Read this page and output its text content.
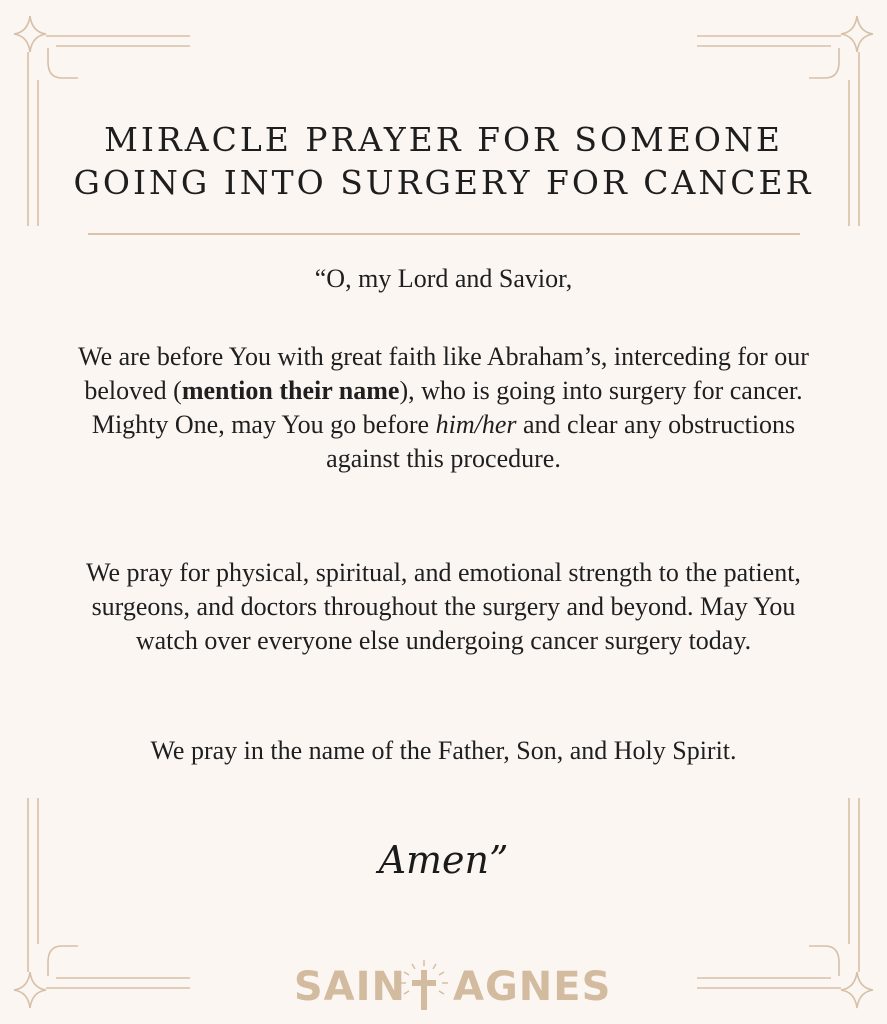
MIRACLE PRAYER FOR SOMEONE
GOING INTO SURGERY FOR CANCER

“O, my Lord and Savior,

We are before You with great faith like Abraham’s, interceding for our beloved (mention their name), who is going into surgery for cancer. Mighty One, may You go before him/her and clear any obstructions against this procedure.

We pray for physical, spiritual, and emotional strength to the patient, surgeons, and doctors throughout the surgery and beyond. May You watch over everyone else undergoing cancer surgery today.

We pray in the name of the Father, Son, and Holy Spirit.

Amen”
SAIN AGNES
